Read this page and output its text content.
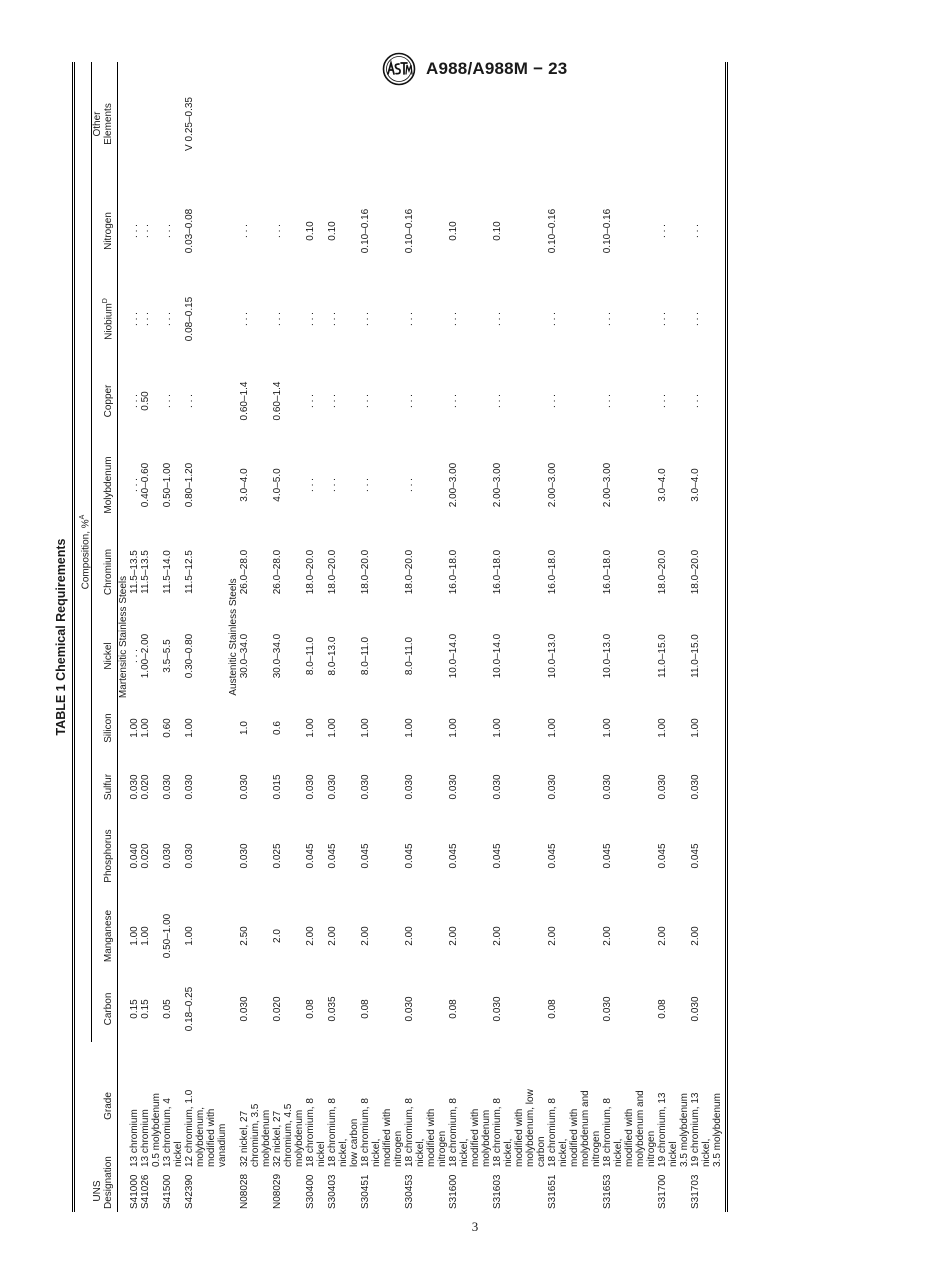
A988/A988M − 23
TABLE 1 Chemical Requirements

UNS
Designation	Grade	Composition, %$^A$
		Carbon	Manganese	Phosphorus	Sulfur	Silicon	Nickel	Chromium	Molybdenum	Copper	Niobium$^D$	Nitrogen	Other
Elements
Martensitic Stainless Steels													
S41000	13 chromium	0.15	1.00	0.040	0.030	1.00	. . .	11.5–13.5	. . .	. . .	. . .	. . .	
S41026	13 chromium
0.5 molybdenum	0.15	1.00	0.020	0.020	1.00	1.00–2.00	11.5–13.5	0.40–0.60	0.50	. . .	. . .	
S41500	13 chromium, 4
nickel	0.05	0.50–1.00	0.030	0.030	0.60	3.5–5.5	11.5–14.0	0.50–1.00	. . .	. . .	. . .	
S42390	12 chromium, 1.0
molybdenum,
modified with
vanadium	0.18–0.25	1.00	0.030	0.030	1.00	0.30–0.80	11.5–12.5	0.80–1.20	. . .	0.08–0.15	0.03–0.08	V 0.25–0.35
Austenitic Stainless Steels													
N08028	32 nickel, 27
chromium, 3.5
molybdenum	0.030	2.50	0.030	0.030	1.0	30.0–34.0	26.0–28.0	3.0–4.0	0.60–1.4	. . .	. . .	
N08029	32 nickel, 27
chromium, 4.5
molybdenum	0.020	2.0	0.025	0.015	0.6	30.0–34.0	26.0–28.0	4.0–5.0	0.60–1.4	. . .	. . .	
S30400	18 chromium, 8
nickel	0.08	2.00	0.045	0.030	1.00	8.0–11.0	18.0–20.0	. . .	. . .	. . .	0.10	
S30403	18 chromium, 8
nickel,
low carbon	0.035	2.00	0.045	0.030	1.00	8.0–13.0	18.0–20.0	. . .	. . .	. . .	0.10	
S30451	18 chromium, 8
nickel,
modified with
nitrogen	0.08	2.00	0.045	0.030	1.00	8.0–11.0	18.0–20.0	. . .	. . .	. . .	0.10–0.16	
S30453	18 chromium, 8
nickel,
modified with
nitrogen	0.030	2.00	0.045	0.030	1.00	8.0–11.0	18.0–20.0	. . .	. . .	. . .	0.10–0.16	
S31600	18 chromium, 8
nickel,
modified with
molybdenum	0.08	2.00	0.045	0.030	1.00	10.0–14.0	16.0–18.0	2.00–3.00	. . .	. . .	0.10	
S31603	18 chromium, 8
nickel,
modified with
molybdenum, low
carbon	0.030	2.00	0.045	0.030	1.00	10.0–14.0	16.0–18.0	2.00–3.00	. . .	. . .	0.10	
S31651	18 chromium, 8
nickel,
modified with
molybdenum and
nitrogen	0.08	2.00	0.045	0.030	1.00	10.0–13.0	16.0–18.0	2.00–3.00	. . .	. . .	0.10–0.16	
S31653	18 chromium, 8
nickel,
modified with
molybdenum and
nitrogen	0.030	2.00	0.045	0.030	1.00	10.0–13.0	16.0–18.0	2.00–3.00	. . .	. . .	0.10–0.16	
S31700	19 chromium, 13
nickel
3.5 molybdenum	0.08	2.00	0.045	0.030	1.00	11.0–15.0	18.0–20.0	3.0–4.0	. . .	. . .	. . .	
S31703	19 chromium, 13
nickel,
3.5 molybdenum	0.030	2.00	0.045	0.030	1.00	11.0–15.0	18.0–20.0	3.0–4.0	. . .	. . .	. . .	
3
